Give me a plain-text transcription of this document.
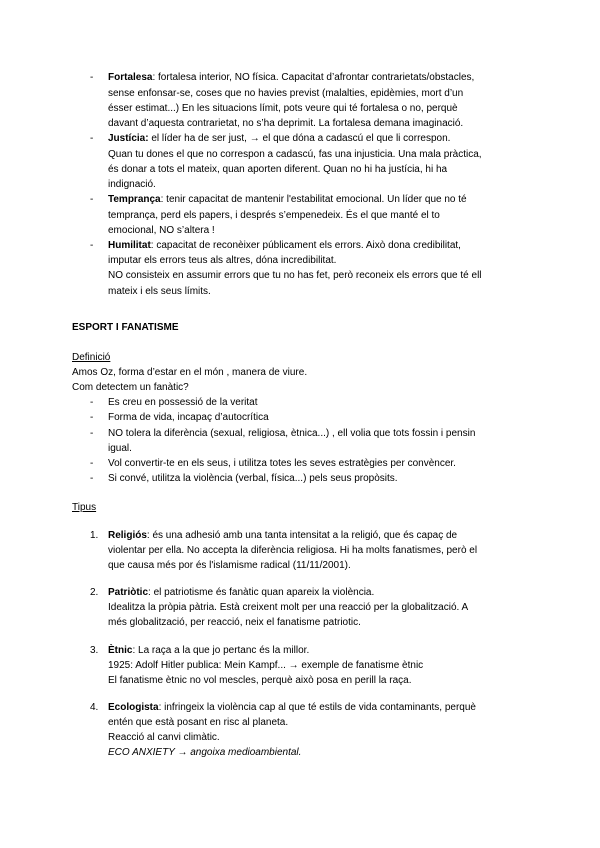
- Fortalesa: fortalesa interior, NO física. Capacitat d’afrontar contrarietats/obstacles,
sense enfonsar-se, coses que no havies previst (malalties, epidèmies, mort d’un
ésser estimat...) En les situacions límit, pots veure qui té fortalesa o no, perquè
davant d’aquesta contrarietat, no s’ha deprimit. La fortalesa demana imaginació.
- Justícia: el líder ha de ser just, → el que dóna a cadascú el que li correspon.
Quan tu dones el que no correspon a cadascú, fas una injusticia. Una mala pràctica,
és donar a tots el mateix, quan aporten diferent. Quan no hi ha justícia, hi ha
indignació.
- Temprança: tenir capacitat de mantenir l'estabilitat emocional. Un líder que no té
temprança, perd els papers, i després s’empenedeix. És el que manté el to
emocional, NO s’altera !
- Humilitat: capacitat de reconèixer públicament els errors. Això dona credibilitat,
imputar els errors teus als altres, dóna incredibilitat.
NO consisteix en assumir errors que tu no has fet, però reconeix els errors que té ell
mateix i els seus límits.
ESPORT I FANATISME
Definició
Amos Oz, forma d’estar en el món , manera de viure.
Com detectem un fanàtic?
- Es creu en possessió de la veritat
- Forma de vida, incapaç d’autocrítica
- NO tolera la diferència (sexual, religiosa, ètnica...) , ell volia que tots fossin i pensin
igual.
- Vol convertir-te en els seus, i utilitza totes les seves estratègies per convèncer.
- Si convé, utilitza la violència (verbal, física...) pels seus propòsits.
Tipus
1. Religiós: és una adhesió amb una tanta intensitat a la religió, que és capaç de
violentar per ella. No accepta la diferència religiosa. Hi ha molts fanatismes, però el
que causa més por és l'islamisme radical (11/11/2001).
2. Patriòtic: el patriotisme és fanàtic quan apareix la violència.
Idealitza la pròpia pàtria. Està creixent molt per una reacció per la globalització. A
més globalització, per reacció, neix el fanatisme patriotic.
3. Ètnic: La raça a la que jo pertanc és la millor.
1925: Adolf Hitler publica: Mein Kampf... → exemple de fanatisme ètnic
El fanatisme ètnic no vol mescles, perquè això posa en perill la raça.
4. Ecologista: infringeix la violència cap al que té estils de vida contaminants, perquè
entén que està posant en risc al planeta.
Reacció al canvi climàtic.
ECO ANXIETY → angoixa medioambiental.
